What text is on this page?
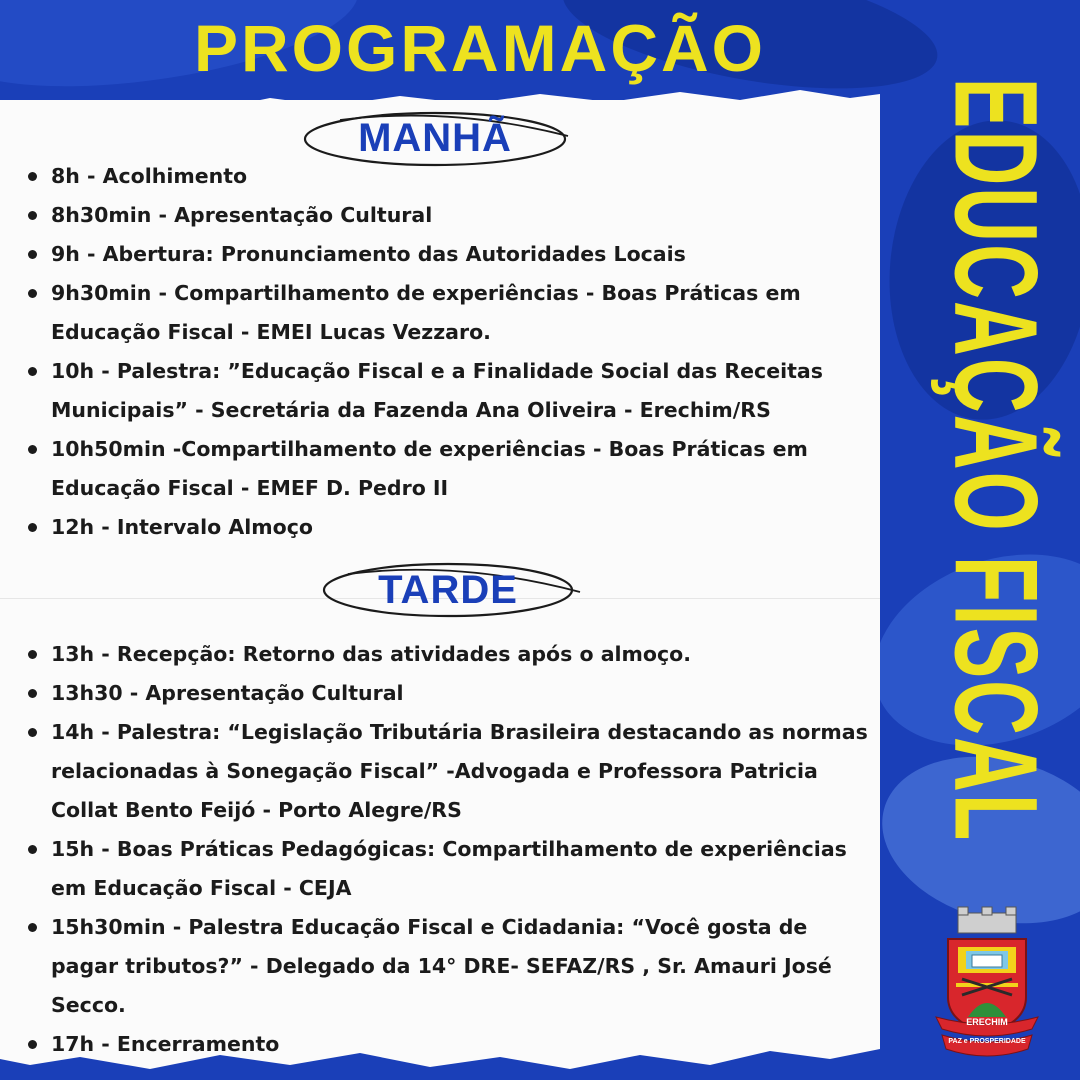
PROGRAMAÇÃO
MANHÃ
8h - Acolhimento
8h30min - Apresentação Cultural
9h - Abertura: Pronunciamento das Autoridades Locais
9h30min - Compartilhamento de experiências - Boas Práticas em Educação Fiscal - EMEI Lucas Vezzaro.
10h - Palestra: ”Educação Fiscal e a Finalidade Social das Receitas Municipais” - Secretária da Fazenda Ana Oliveira - Erechim/RS
10h50min -Compartilhamento de experiências - Boas Práticas em Educação Fiscal - EMEF D. Pedro II
12h - Intervalo Almoço
TARDE
13h - Recepção: Retorno das atividades após o almoço.
13h30 - Apresentação Cultural
14h - Palestra: “Legislação Tributária Brasileira destacando as normas relacionadas à Sonegação Fiscal” -Advogada e Professora Patricia Collat Bento Feijó - Porto Alegre/RS
15h - Boas Práticas Pedagógicas: Compartilhamento de experiências em Educação Fiscal - CEJA
15h30min - Palestra Educação Fiscal e Cidadania: “Você gosta de pagar tributos?” - Delegado da 14° DRE- SEFAZ/RS , Sr. Amauri José Secco.
17h - Encerramento
EDUCAÇÃO FISCAL
ERECHIM
PAZ e PROSPERIDADE
